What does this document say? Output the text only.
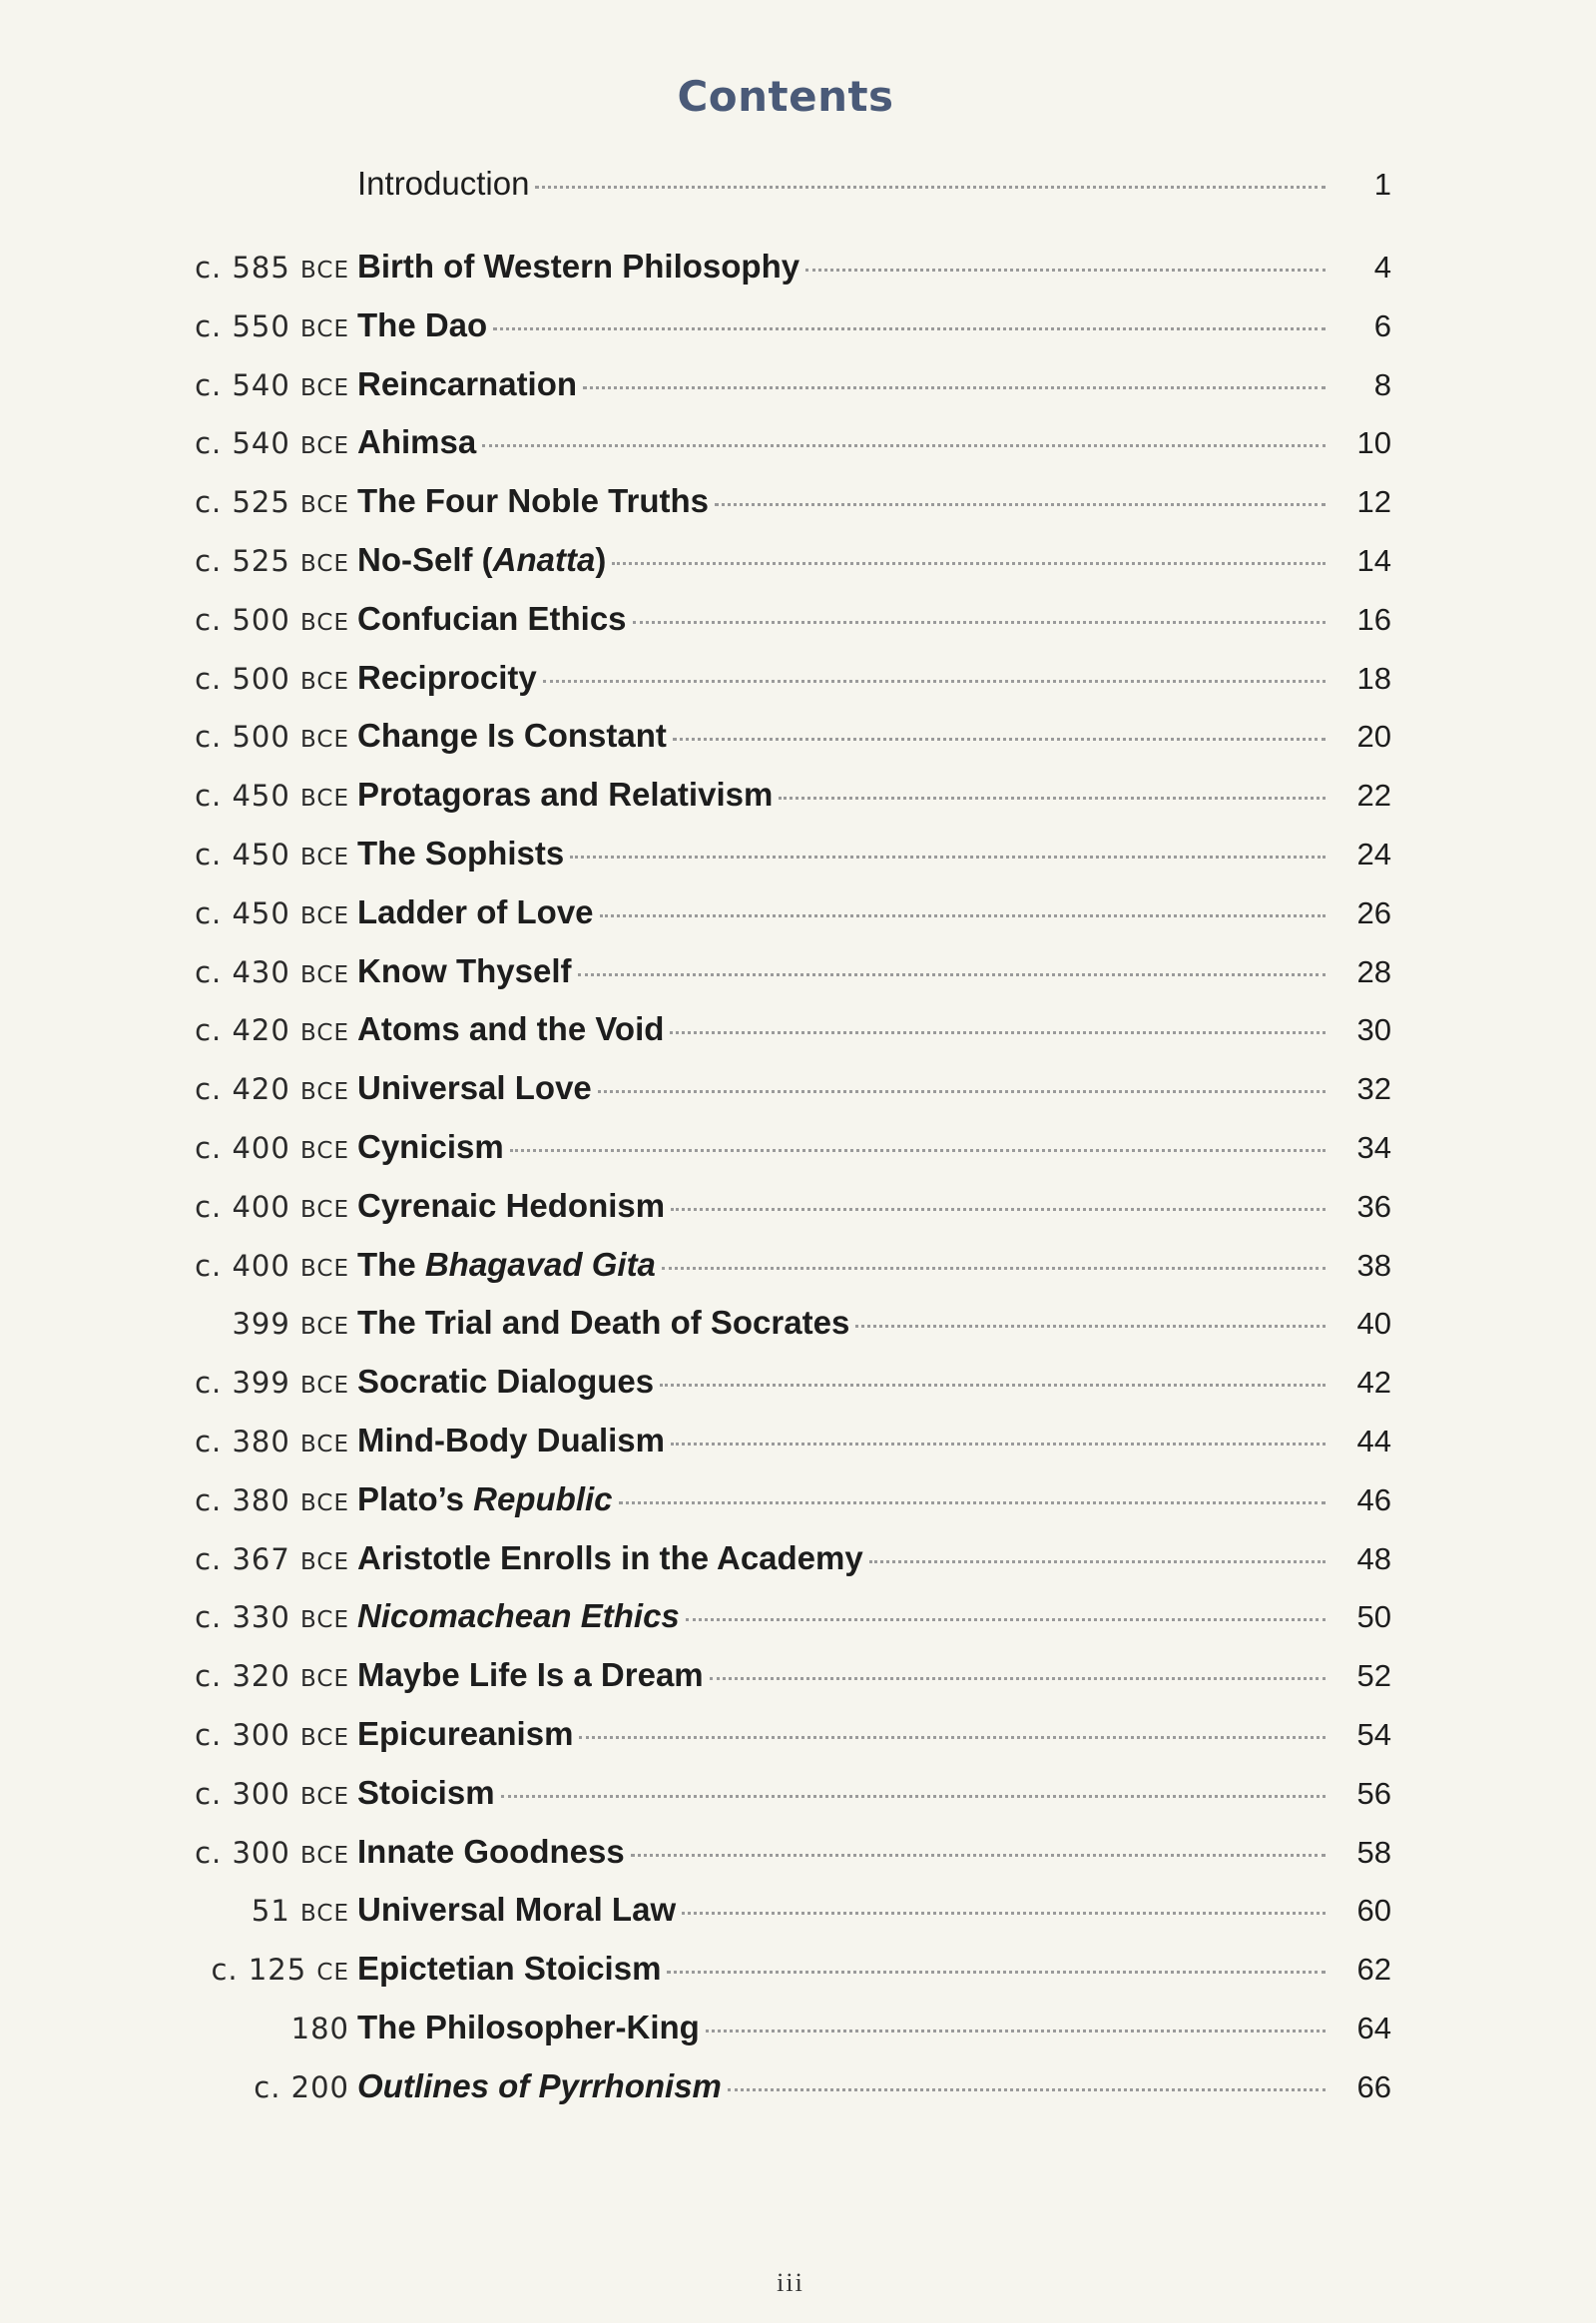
Contents
Introduction	1
c. 585 BCE Birth of Western Philosophy	4
c. 550 BCE The Dao	6
c. 540 BCE Reincarnation	8
c. 540 BCE Ahimsa	10
c. 525 BCE The Four Noble Truths	12
c. 525 BCE No-Self (Anatta)	14
c. 500 BCE Confucian Ethics	16
c. 500 BCE Reciprocity	18
c. 500 BCE Change Is Constant	20
c. 450 BCE Protagoras and Relativism	22
c. 450 BCE The Sophists	24
c. 450 BCE Ladder of Love	26
c. 430 BCE Know Thyself	28
c. 420 BCE Atoms and the Void	30
c. 420 BCE Universal Love	32
c. 400 BCE Cynicism	34
c. 400 BCE Cyrenaic Hedonism	36
c. 400 BCE The Bhagavad Gita	38
399 BCE The Trial and Death of Socrates	40
c. 399 BCE Socratic Dialogues	42
c. 380 BCE Mind-Body Dualism	44
c. 380 BCE Plato’s Republic	46
c. 367 BCE Aristotle Enrolls in the Academy	48
c. 330 BCE Nicomachean Ethics	50
c. 320 BCE Maybe Life Is a Dream	52
c. 300 BCE Epicureanism	54
c. 300 BCE Stoicism	56
c. 300 BCE Innate Goodness	58
51 BCE Universal Moral Law	60
c. 125 CE Epictetian Stoicism	62
180 The Philosopher-King	64
c. 200 Outlines of Pyrrhonism	66
iii
